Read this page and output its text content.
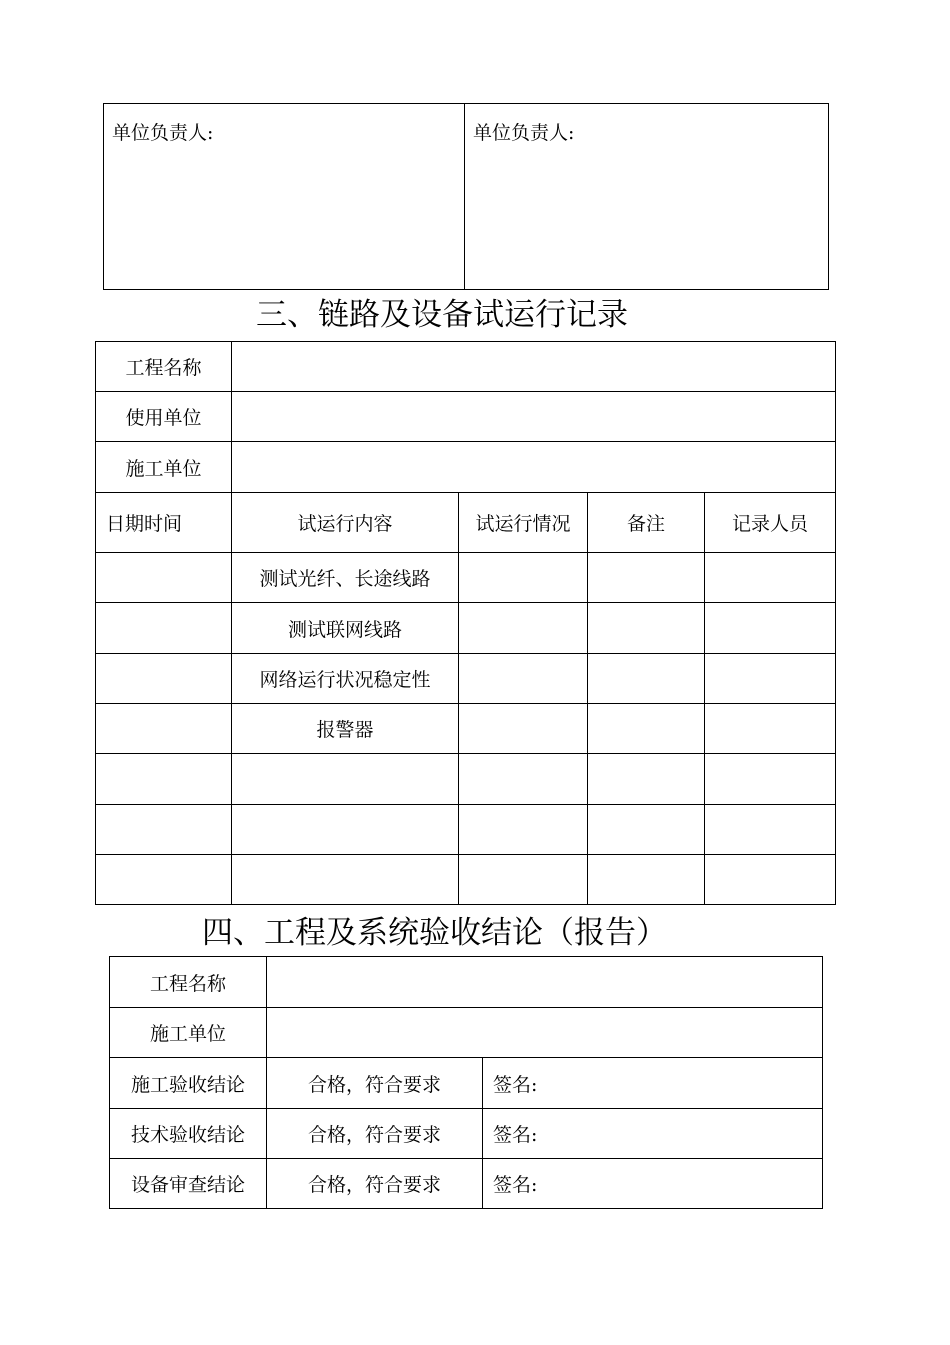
单位负责人:	单位负责人:
三、链路及设备试运行记录
工程名称				
使用单位				
施工单位				
日期时间	试运行内容	试运行情况	备注	记录人员
	测试光纤、长途线路			
	测试联网线路			
	网络运行状况稳定性			
	报警器			

四、工程及系统验收结论（报告）
工程名称		
施工单位		
施工验收结论	合格，符合要求	签名:
技术验收结论	合格，符合要求	签名:
设备审查结论	合格，符合要求	签名:
